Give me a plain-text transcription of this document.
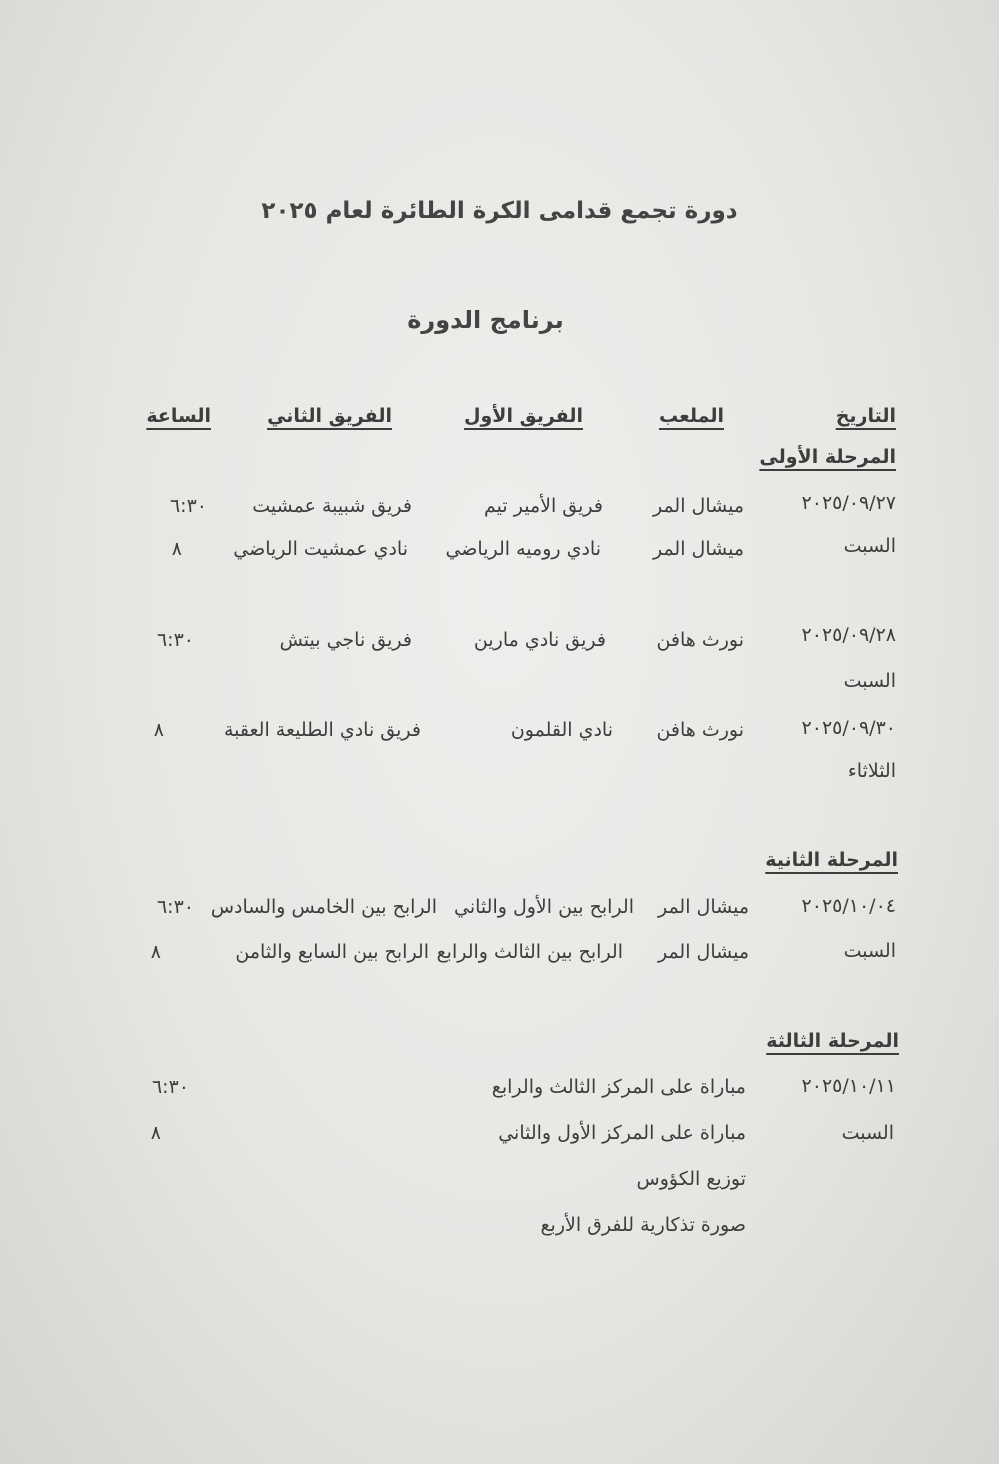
دورة تجمع قدامى الكرة الطائرة لعام ٢٠٢٥
برنامج الدورة
التاريخ
الملعب
الفريق الأول
الفريق الثاني
الساعة
المرحلة الأولى
٢٠٢٥/٠٩/٢٧
السبت
ميشال المر
فريق الأمير تيم
فريق شبيبة عمشيت
٦:٣٠
ميشال المر
نادي روميه الرياضي
نادي عمشيت الرياضي
٨
٢٠٢٥/٠٩/٢٨
السبت
نورث هافن
فريق نادي مارين
فريق ناجي بيتش
٦:٣٠
٢٠٢٥/٠٩/٣٠
الثلاثاء
نورث هافن
نادي القلمون
فريق نادي الطليعة العقبة
٨
المرحلة الثانية
٢٠٢٥/١٠/٠٤
السبت
ميشال المر
الرابح بين الأول والثاني
الرابح بين الخامس والسادس
٦:٣٠
ميشال المر
الرابح بين الثالث والرابع
الرابح بين السابع والثامن
٨
المرحلة الثالثة
٢٠٢٥/١٠/١١
السبت
مباراة على المركز الثالث والرابع
٦:٣٠
مباراة على المركز الأول والثاني
٨
توزيع الكؤوس
صورة تذكارية للفرق الأربع
